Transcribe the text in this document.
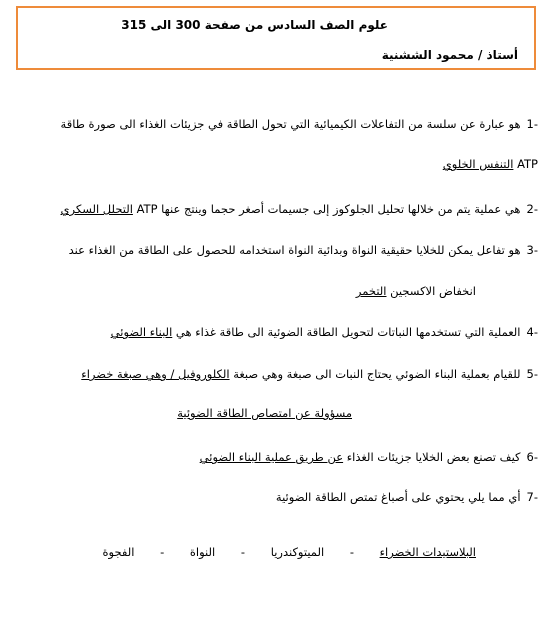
علوم الصف السادس من صفحة 300 الى 315
أستاذ / محمود الششنية
-1هو عبارة عن سلسة من التفاعلات الكيميائية التي تحول الطاقة في جزيئات الغذاء الى صورة طاقة
ATP التنفس الخلوي
-2هي عملية يتم من خلالها تحليل الجلوكوز إلى جسيمات أصغر حجما وينتج عنها ATP التحلل السكري
-3هو تفاعل يمكن للخلايا حقيقية النواة وبدائية النواة استخدامه للحصول على الطاقة من الغذاء عند
انخفاض الاكسجين التخمر
-4العملية التي تستخدمها النباتات لتحويل الطاقة الضوئية الى طاقة غذاء هي البناء الضوئي
-5للقيام بعملية البناء الضوئي يحتاج النبات الى صبغة وهي صبغة الكلوروفيل / وهي صبغة خضراء
مسؤولة عن امتصاص الطاقة الضوئية
-6كيف تصنع بعض الخلايا جزيئات الغذاء عن طريق عملية البناء الضوئي
-7أي مما يلي يحتوي على أصباغ تمتص الطاقة الضوئية
البلاستيدات الخضراء - الميتوكندريا - النواة - الفجوة
